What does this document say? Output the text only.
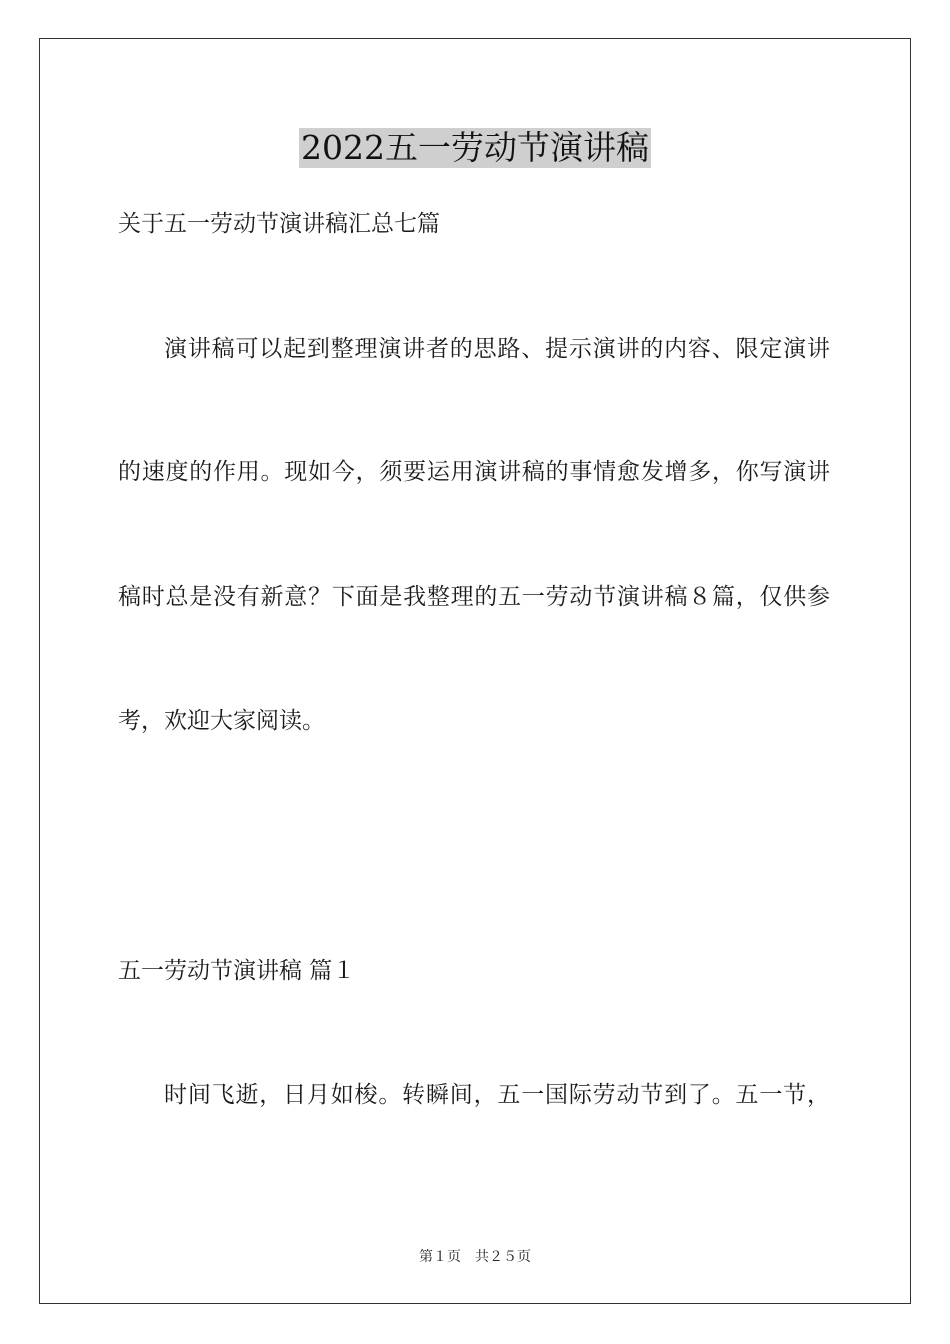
2022五一劳动节演讲稿
关于五一劳动节演讲稿汇总七篇
演讲稿可以起到整理演讲者的思路、提示演讲的内容、限定演讲
的速度的作用。现如今，须要运用演讲稿的事情愈发增多，你写演讲
稿时总是没有新意？下面是我整理的五一劳动节演讲稿８篇，仅供参
考，欢迎大家阅读。
五一劳动节演讲稿 篇１
时间飞逝，日月如梭。转瞬间，五一国际劳动节到了。五一节，
第１页　共２５页
